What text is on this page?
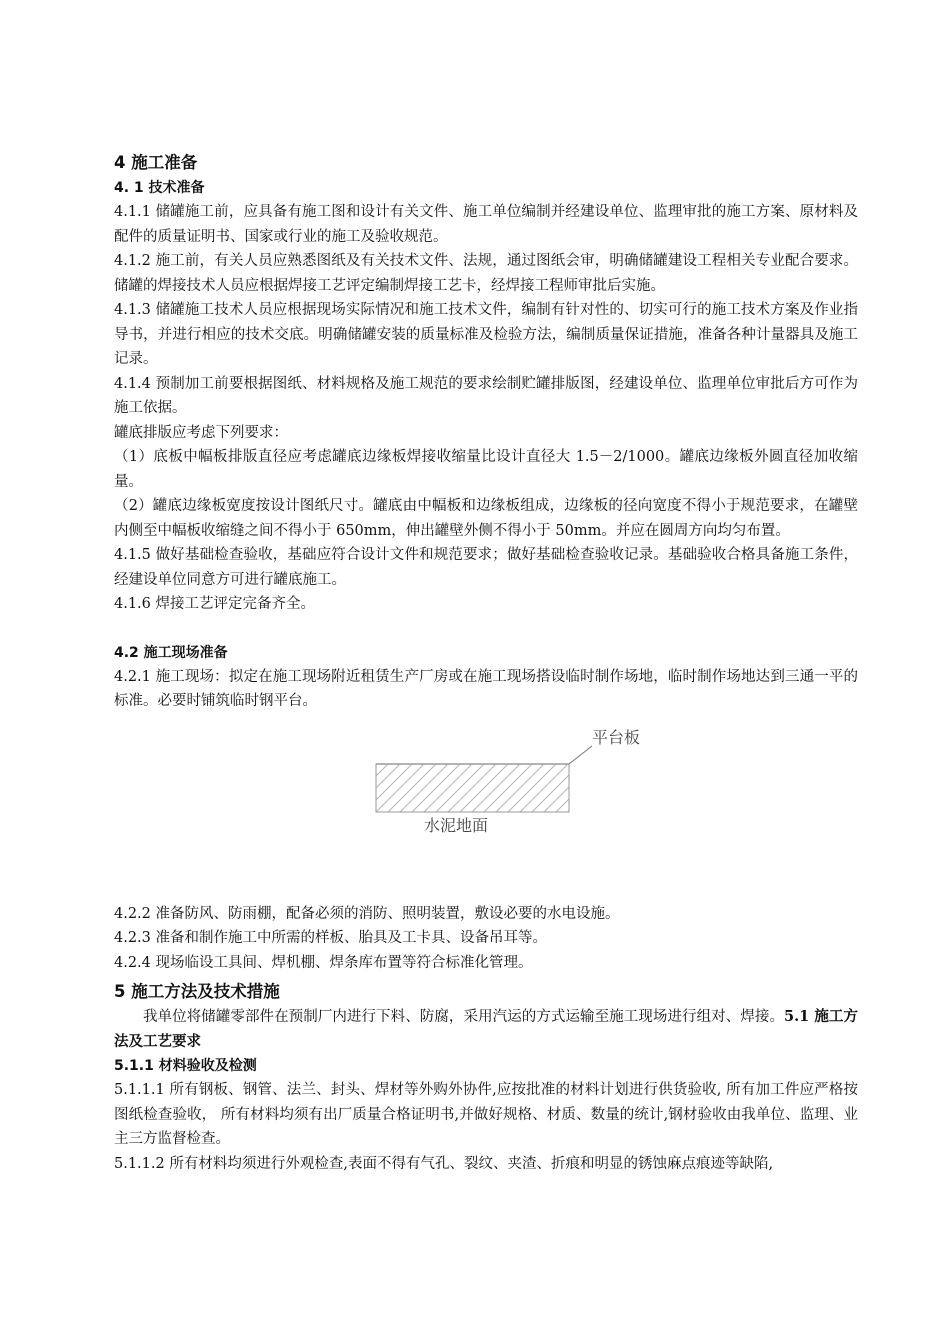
4 施工准备
4. 1 技术准备

4.1.1 储罐施工前，应具备有施工图和设计有关文件、施工单位编制并经建设单位、监理审批的施工方案、原材料及配件的质量证明书、国家或行业的施工及验收规范。

4.1.2 施工前，有关人员应熟悉图纸及有关技术文件、法规，通过图纸会审，明确储罐建设工程相关专业配合要求。储罐的焊接技术人员应根据焊接工艺评定编制焊接工艺卡，经焊接工程师审批后实施。

4.1.3 储罐施工技术人员应根据现场实际情况和施工技术文件，编制有针对性的、切实可行的施工技术方案及作业指导书，并进行相应的技术交底。明确储罐安装的质量标准及检验方法，编制质量保证措施，准备各种计量器具及施工记录。

4.1.4 预制加工前要根据图纸、材料规格及施工规范的要求绘制贮罐排版图，经建设单位、监理单位审批后方可作为施工依据。

罐底排版应考虑下列要求：

（1）底板中幅板排版直径应考虑罐底边缘板焊接收缩量比设计直径大 1.5－2/1000。罐底边缘板外圆直径加收缩量。

（2）罐底边缘板宽度按设计图纸尺寸。罐底由中幅板和边缘板组成，边缘板的径向宽度不得小于规范要求，在罐壁内侧至中幅板收缩缝之间不得小于 650mm，伸出罐壁外侧不得小于 50mm。并应在圆周方向均匀布置。

4.1.5 做好基础检查验收，基础应符合设计文件和规范要求；做好基础检查验收记录。基础验收合格具备施工条件，经建设单位同意方可进行罐底施工。

4.1.6 焊接工艺评定完备齐全。

4.2 施工现场准备

4.2.1 施工现场：拟定在施工现场附近租赁生产厂房或在施工现场搭设临时制作场地，临时制作场地达到三通一平的标准。必要时铺筑临时钢平台。

平台板
水泥地面

4.2.2 准备防风、防雨棚，配备必须的消防、照明装置，敷设必要的水电设施。

4.2.3 准备和制作施工中所需的样板、胎具及工卡具、设备吊耳等。

4.2.4 现场临设工具间、焊机棚、焊条库布置等符合标准化管理。

5 施工方法及技术措施

我单位将储罐零部件在预制厂内进行下料、防腐，采用汽运的方式运输至施工现场进行组对、焊接。5.1 施工方法及工艺要求

5.1.1 材料验收及检测

5.1.1.1 所有钢板、钢管、法兰、封头、焊材等外购外协件,应按批准的材料计划进行供货验收, 所有加工件应严格按图纸检查验收， 所有材料均须有出厂质量合格证明书,并做好规格、材质、数量的统计,钢材验收由我单位、监理、业主三方监督检查。

5.1.1.2 所有材料均须进行外观检查,表面不得有气孔、裂纹、夹渣、折痕和明显的锈蚀麻点痕迹等缺陷,
